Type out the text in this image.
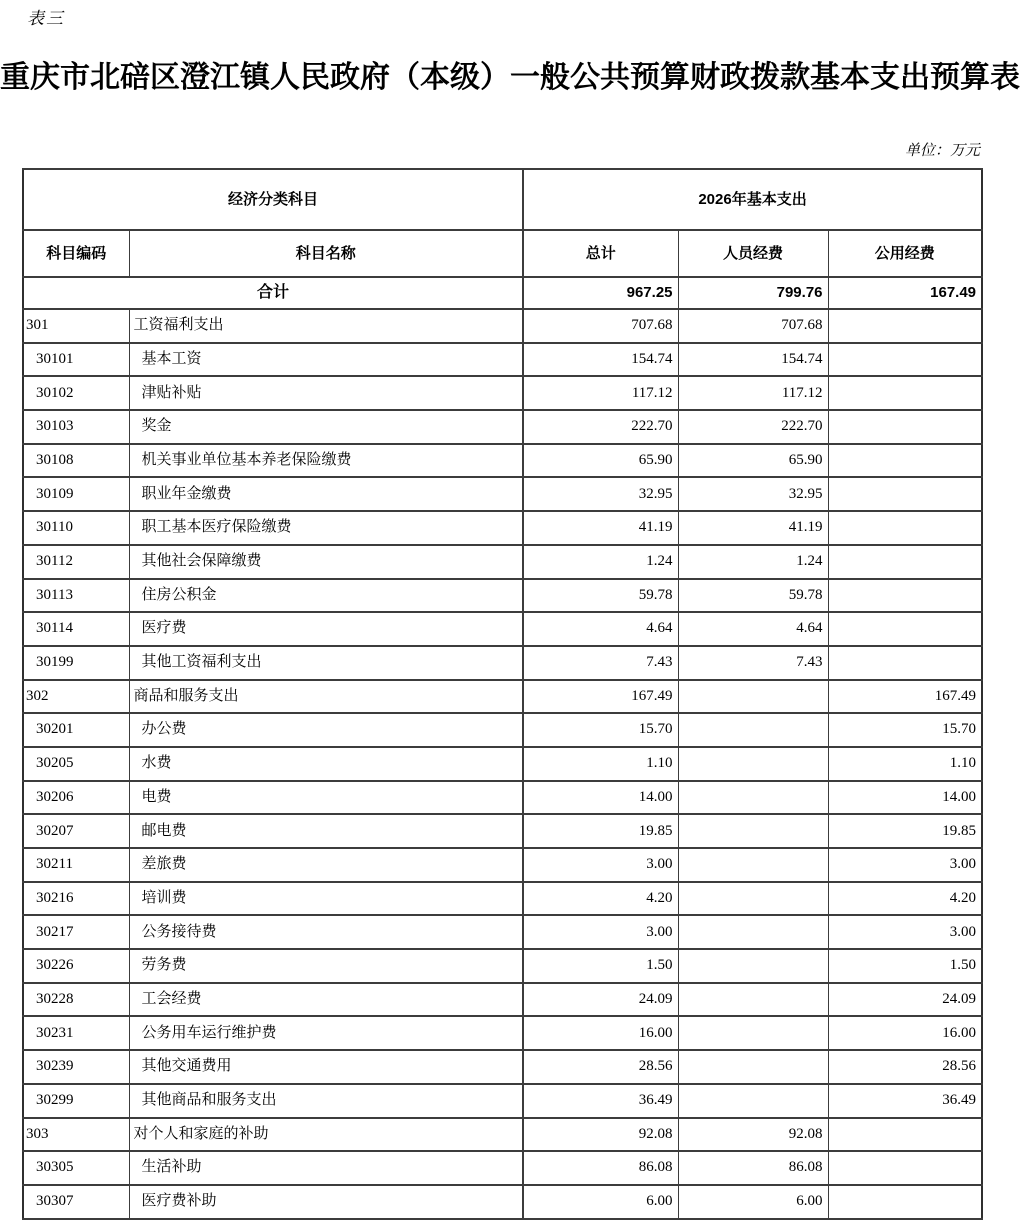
表三
重庆市北碚区澄江镇人民政府（本级）一般公共预算财政拨款基本支出预算表
单位：万元
经济分类科目		2026年基本支出		
科目编码	科目名称	总计	人员经费	公用经费
合计		967.25	799.76	167.49
301	工资福利支出	707.68	707.68	
30101	基本工资	154.74	154.74	
30102	津贴补贴	117.12	117.12	
30103	奖金	222.70	222.70	
30108	机关事业单位基本养老保险缴费	65.90	65.90	
30109	职业年金缴费	32.95	32.95	
30110	职工基本医疗保险缴费	41.19	41.19	
30112	其他社会保障缴费	1.24	1.24	
30113	住房公积金	59.78	59.78	
30114	医疗费	4.64	4.64	
30199	其他工资福利支出	7.43	7.43	
302	商品和服务支出	167.49		167.49
30201	办公费	15.70		15.70
30205	水费	1.10		1.10
30206	电费	14.00		14.00
30207	邮电费	19.85		19.85
30211	差旅费	3.00		3.00
30216	培训费	4.20		4.20
30217	公务接待费	3.00		3.00
30226	劳务费	1.50		1.50
30228	工会经费	24.09		24.09
30231	公务用车运行维护费	16.00		16.00
30239	其他交通费用	28.56		28.56
30299	其他商品和服务支出	36.49		36.49
303	对个人和家庭的补助	92.08	92.08	
30305	生活补助	86.08	86.08	
30307	医疗费补助	6.00	6.00	
